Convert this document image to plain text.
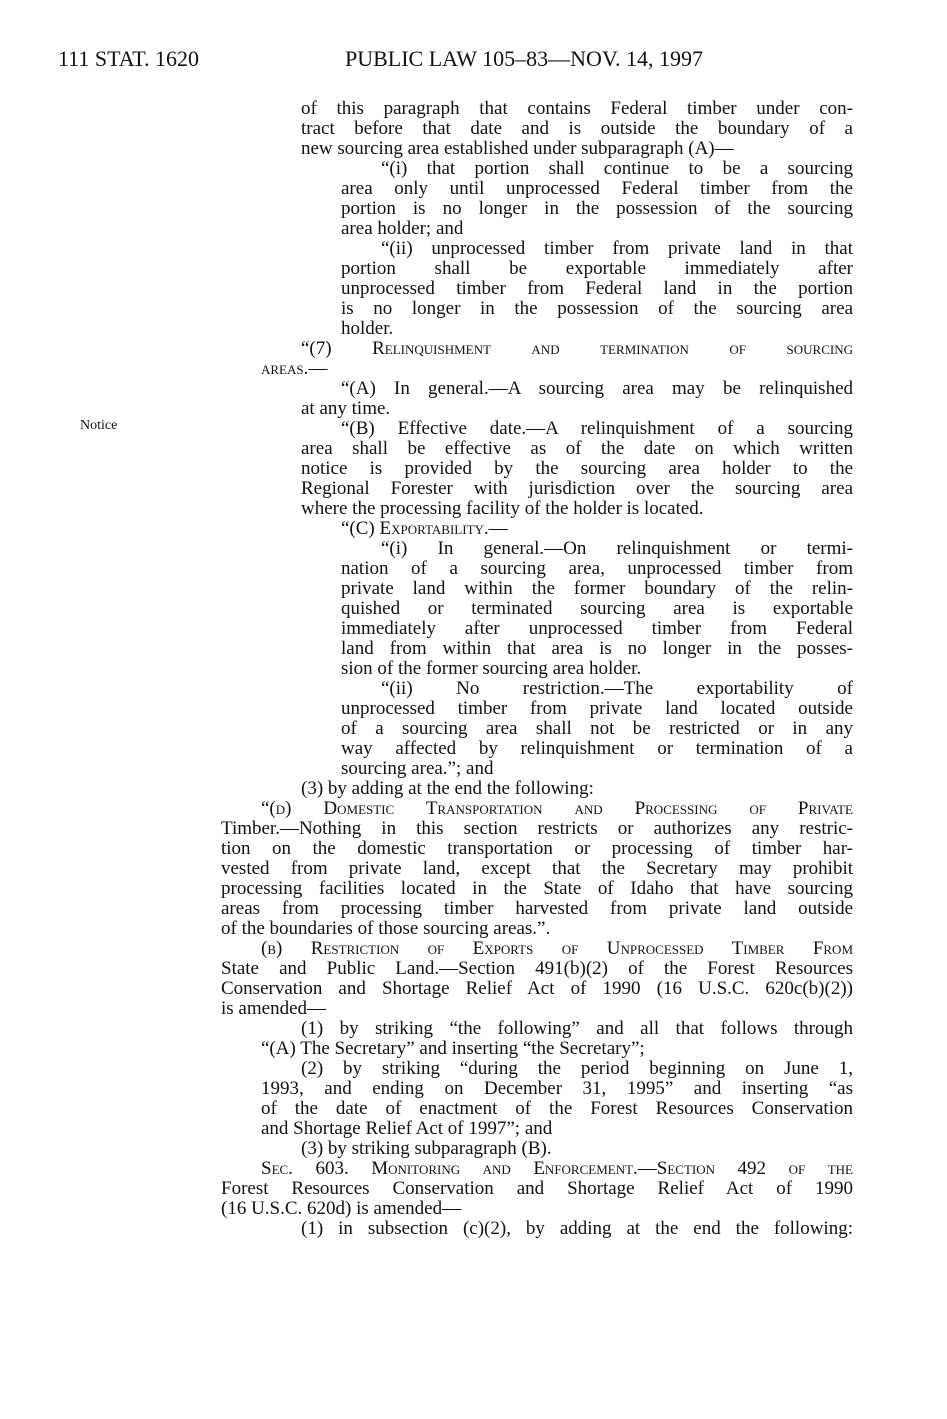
111 STAT. 1620	PUBLIC LAW 105–83—NOV. 14, 1997
Notice
of this paragraph that contains Federal timber under con-
tract before that date and is outside the boundary of a
new sourcing area established under subparagraph (A)—
“(i) that portion shall continue to be a sourcing
area only until unprocessed Federal timber from the
portion is no longer in the possession of the sourcing
area holder; and
“(ii) unprocessed timber from private land in that
portion shall be exportable immediately after
unprocessed timber from Federal land in the portion
is no longer in the possession of the sourcing area
holder.
“(7) Relinquishment and termination of sourcing
areas.—
“(A) In general.—A sourcing area may be relinquished
at any time.
“(B) Effective date.—A relinquishment of a sourcing
area shall be effective as of the date on which written
notice is provided by the sourcing area holder to the
Regional Forester with jurisdiction over the sourcing area
where the processing facility of the holder is located.
“(C) Exportability.—
“(i) In general.—On relinquishment or termi-
nation of a sourcing area, unprocessed timber from
private land within the former boundary of the relin-
quished or terminated sourcing area is exportable
immediately after unprocessed timber from Federal
land from within that area is no longer in the posses-
sion of the former sourcing area holder.
“(ii) No restriction.—The exportability of
unprocessed timber from private land located outside
of a sourcing area shall not be restricted or in any
way affected by relinquishment or termination of a
sourcing area.”; and
(3) by adding at the end the following:
“(d) Domestic Transportation and Processing of Private
Timber.—Nothing in this section restricts or authorizes any restric-
tion on the domestic transportation or processing of timber har-
vested from private land, except that the Secretary may prohibit
processing facilities located in the State of Idaho that have sourcing
areas from processing timber harvested from private land outside
of the boundaries of those sourcing areas.”.
(b) Restriction of Exports of Unprocessed Timber From
State and Public Land.—Section 491(b)(2) of the Forest Resources
Conservation and Shortage Relief Act of 1990 (16 U.S.C. 620c(b)(2))
is amended—
(1) by striking “the following” and all that follows through
“(A) The Secretary” and inserting “the Secretary”;
(2) by striking “during the period beginning on June 1,
1993, and ending on December 31, 1995” and inserting “as
of the date of enactment of the Forest Resources Conservation
and Shortage Relief Act of 1997”; and
(3) by striking subparagraph (B).
Sec. 603. Monitoring and Enforcement.—Section 492 of the
Forest Resources Conservation and Shortage Relief Act of 1990
(16 U.S.C. 620d) is amended—
(1) in subsection (c)(2), by adding at the end the following:
